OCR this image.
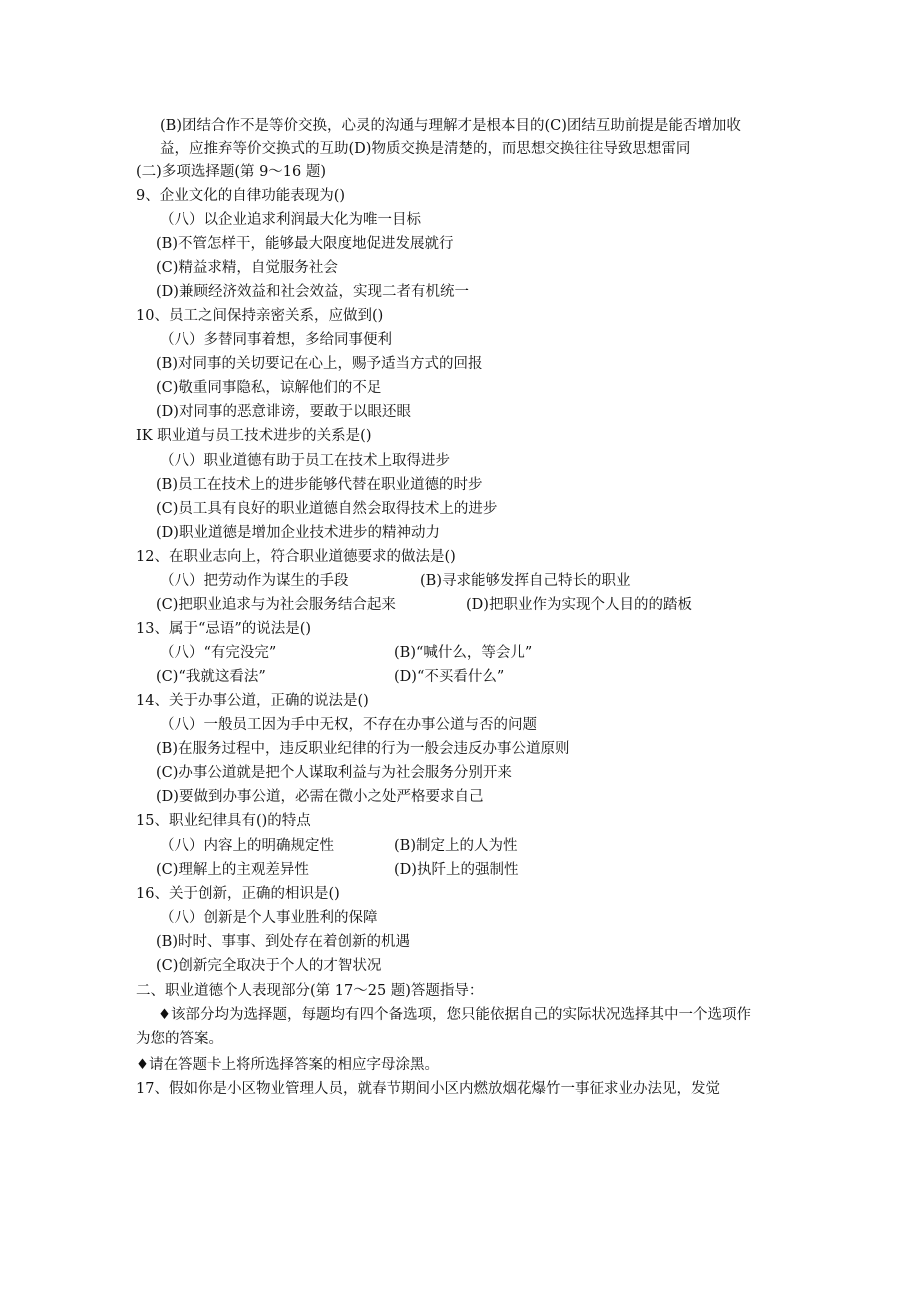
(B)团结合作不是等价交换，心灵的沟通与理解才是根本目的(C)团结互助前提是能否增加收
益，应推弃等价交换式的互助(D)物质交换是清楚的，而思想交换往往导致思想雷同
(二)多项选择题(第 9〜16 题)
9、企业文化的自律功能表现为()
（八）以企业追求利润最大化为唯一目标
(B)不管怎样干，能够最大限度地促进发展就行
(C)精益求精，自觉服务社会
(D)兼顾经济效益和社会效益，实现二者有机统一
10、员工之间保持亲密关系，应做到()
（八）多替同事着想，多给同事便利
(B)对同事的关切要记在心上，赐予适当方式的回报
(C)敬重同事隐私，谅解他们的不足
(D)对同事的恶意诽谤，要敢于以眼还眼
IK 职业道与员工技术进步的关系是()
（八）职业道德有助于员工在技术上取得进步
(B)员工在技术上的进步能够代替在职业道德的时步
(C)员工具有良好的职业道德自然会取得技术上的进步
(D)职业道德是增加企业技术进步的精神动力
12、在职业志向上，符合职业道德要求的做法是()
（八）把劳动作为谋生的手段	(B)寻求能够发挥自己特长的职业
(C)把职业追求与为社会服务结合起来	(D)把职业作为实现个人目的的踏板
13、属于“忌语”的说法是()
（八）“有完没完”	(B)“喊什么，等会儿”
(C)“我就这看法”	(D)“不买看什么”
14、关于办事公道，正确的说法是()
（八）一般员工因为手中无权，不存在办事公道与否的问题
(B)在服务过程中，违反职业纪律的行为一般会违反办事公道原则
(C)办事公道就是把个人谋取利益与为社会服务分别开来
(D)要做到办事公道，必需在微小之处严格要求自己
15、职业纪律具有()的特点
（八）内容上的明确规定性	(B)制定上的人为性
(C)理解上的主观差异性	(D)执阡上的强制性
16、关于创新，正确的相识是()
（八）创新是个人事业胜利的保障
(B)时时、事事、到处存在着创新的机遇
(C)创新完全取决于个人的才智状况
二、职业道德个人表现部分(第 17〜25 题)答题指导：
♦该部分均为选择题，每题均有四个备选项，您只能依据自己的实际状况选择其中一个选项作
为您的答案。
♦请在答题卡上将所选择答案的相应字母涂黑。
17、假如你是小区物业管理人员，就春节期间小区内燃放烟花爆竹一事征求业办法见，发觉
